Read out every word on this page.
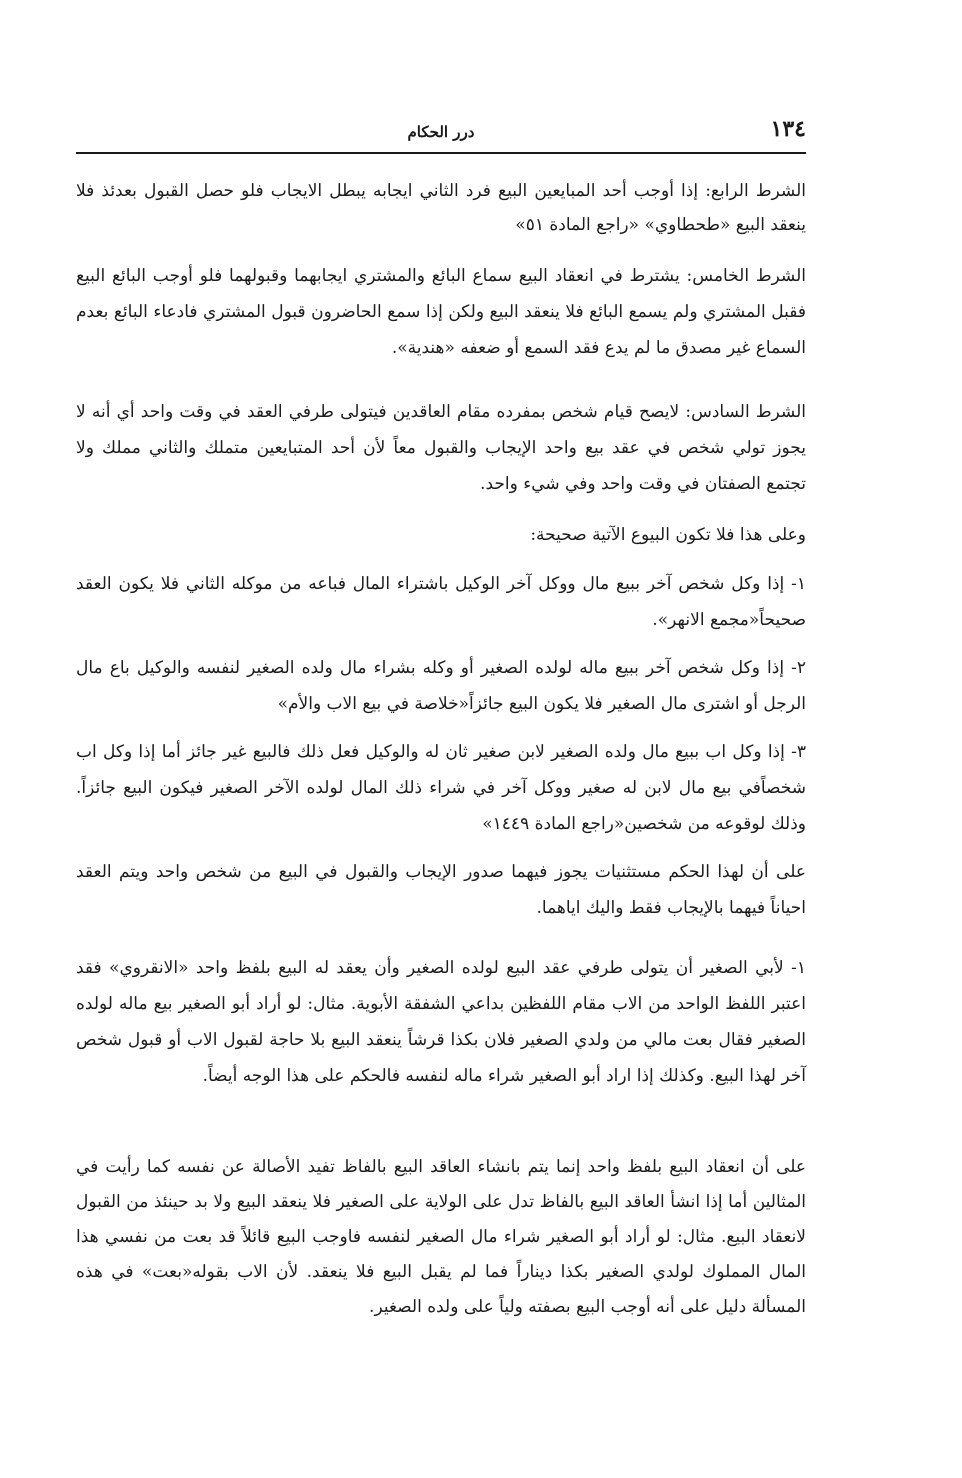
١٣٤
درر الحكام

الشرط الرابع: إذا أوجب أحد المبايعين البيع فرد الثاني ايجابه يبطل الايجاب فلو حصل القبول بعدئذ فلا ينعقد البيع «طحطاوي» «راجع المادة ٥١»

الشرط الخامس: يشترط في انعقاد البيع سماع البائع والمشتري ايجابهما وقبولهما فلو أوجب البائع البيع فقبل المشتري ولم يسمع البائع فلا ينعقد البيع ولكن إذا سمع الحاضرون قبول المشتري فادعاء البائع بعدم السماع غير مصدق ما لم يدع فقد السمع أو ضعفه «هندية».

الشرط السادس: لايصح قيام شخص بمفرده مقام العاقدين فيتولى طرفي العقد في وقت واحد أي أنه لا يجوز تولي شخص في عقد بيع واحد الإيجاب والقبول معاً لأن أحد المتبايعين متملك والثاني مملك ولا تجتمع الصفتان في وقت واحد وفي شيء واحد.

وعلى هذا فلا تكون البيوع الآتية صحيحة:

١- إذا وكل شخص آخر ببيع مال ووكل آخر الوكيل باشتراء المال فباعه من موكله الثاني فلا يكون العقد صحيحاً«مجمع الانهر».

٢- إذا وكل شخص آخر ببيع ماله لولده الصغير أو وكله بشراء مال ولده الصغير لنفسه والوكيل باع مال الرجل أو اشترى مال الصغير فلا يكون البيع جائزاً«خلاصة في بيع الاب والأم»

٣- إذا وكل اب ببيع مال ولده الصغير لابن صغير ثان له والوكيل فعل ذلك فالبيع غير جائز أما إذا وكل اب شخصاًفي بيع مال لابن له صغير ووكل آخر في شراء ذلك المال لولده الآخر الصغير فيكون البيع جائزاً. وذلك لوقوعه من شخصين«راجع المادة ١٤٤٩»

على أن لهذا الحكم مستثنيات يجوز فيهما صدور الإيجاب والقبول في البيع من شخص واحد ويتم العقد احياناً فيهما بالإيجاب فقط واليك اياهما.

١- لأبي الصغير أن يتولى طرفي عقد البيع لولده الصغير وأن يعقد له البيع بلفظ واحد «الانقروي» فقد اعتبر اللفظ الواحد من الاب مقام اللفظين بداعي الشفقة الأبوية. مثال: لو أراد أبو الصغير بيع ماله لولده الصغير فقال بعت مالي من ولدي الصغير فلان بكذا قرشاً ينعقد البيع بلا حاجة لقبول الاب أو قبول شخص آخر لهذا البيع. وكذلك إذا اراد أبو الصغير شراء ماله لنفسه فالحكم على هذا الوجه أيضاً.

على أن انعقاد البيع بلفظ واحد إنما يتم بانشاء العاقد البيع بالفاظ تفيد الأصالة عن نفسه كما رأيت في المثالين أما إذا انشأ العاقد البيع بالفاظ تدل على الولاية على الصغير فلا ينعقد البيع ولا بد حينئذ من القبول لانعقاد البيع. مثال: لو أراد أبو الصغير شراء مال الصغير لنفسه فاوجب البيع قائلاً قد بعت من نفسي هذا المال المملوك لولدي الصغير بكذا ديناراً فما لم يقبل البيع فلا ينعقد. لأن الاب بقوله«بعت» في هذه المسألة دليل على أنه أوجب البيع بصفته ولياً على ولده الصغير.
